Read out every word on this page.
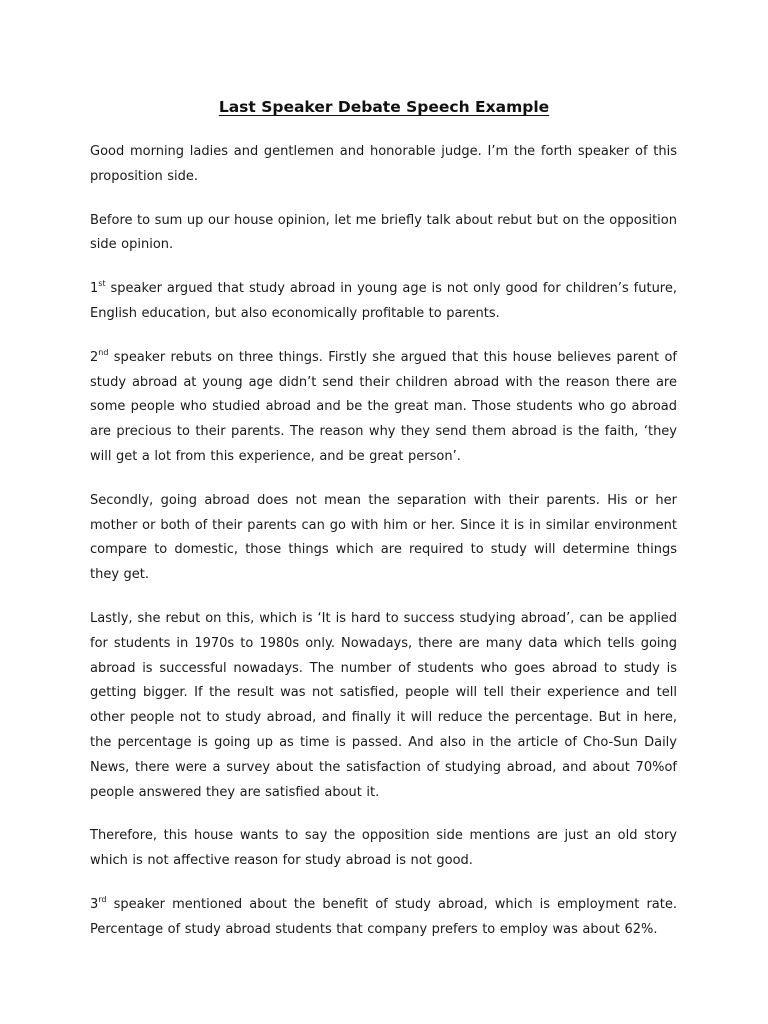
Last Speaker Debate Speech Example

Good morning ladies and gentlemen and honorable judge. I’m the forth speaker of this proposition side.

Before to sum up our house opinion, let me briefly talk about rebut but on the opposition side opinion.

1st speaker argued that study abroad in young age is not only good for children’s future, English education, but also economically profitable to parents.

2nd speaker rebuts on three things. Firstly she argued that this house believes parent of study abroad at young age didn’t send their children abroad with the reason there are some people who studied abroad and be the great man. Those students who go abroad are precious to their parents. The reason why they send them abroad is the faith, ‘they will get a lot from this experience, and be great person’.

Secondly, going abroad does not mean the separation with their parents. His or her mother or both of their parents can go with him or her. Since it is in similar environment compare to domestic, those things which are required to study will determine things they get.

Lastly, she rebut on this, which is ‘It is hard to success studying abroad’, can be applied for students in 1970s to 1980s only. Nowadays, there are many data which tells going abroad is successful nowadays. The number of students who goes abroad to study is getting bigger. If the result was not satisfied, people will tell their experience and tell other people not to study abroad, and finally it will reduce the percentage. But in here, the percentage is going up as time is passed. And also in the article of Cho-Sun Daily News, there were a survey about the satisfaction of studying abroad, and about 70%of people answered they are satisfied about it.

Therefore, this house wants to say the opposition side mentions are just an old story which is not affective reason for study abroad is not good.

3rd speaker mentioned about the benefit of study abroad, which is employment rate. Percentage of study abroad students that company prefers to employ was about 62%.
